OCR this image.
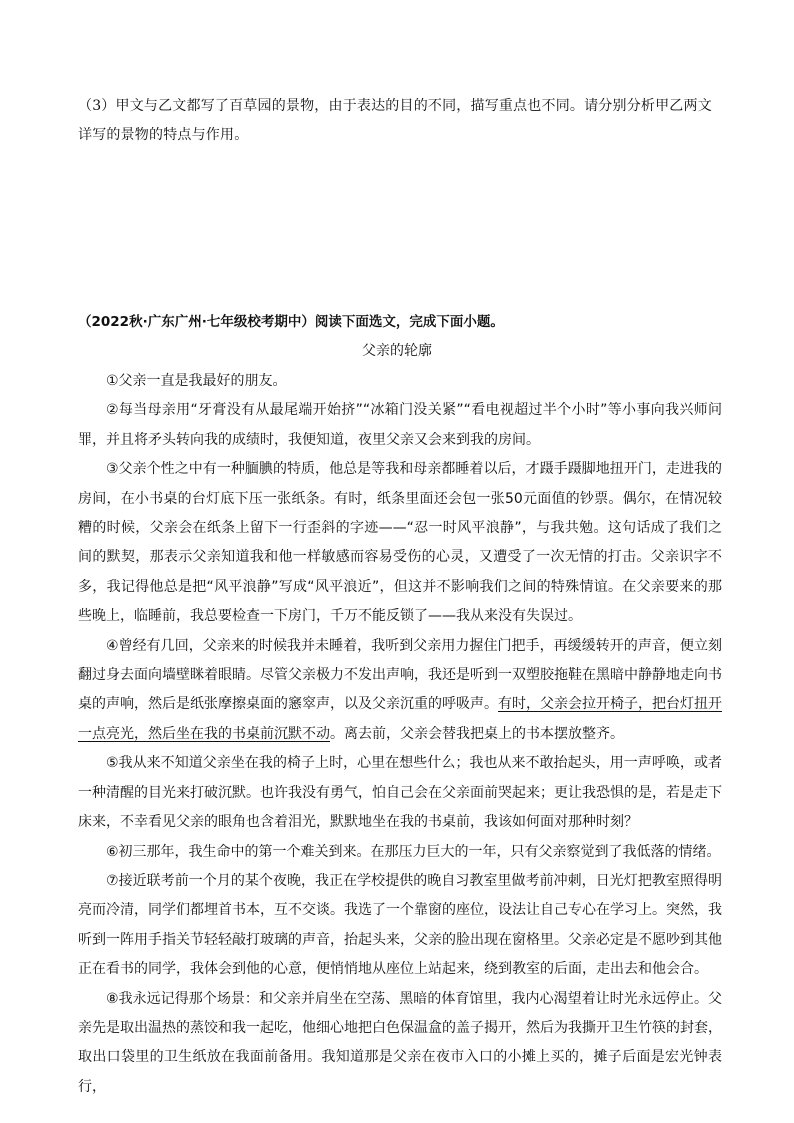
（3）甲文与乙文都写了百草园的景物，由于表达的目的不同，描写重点也不同。请分别分析甲乙两文详写的景物的特点与作用。
（2022秋·广东广州·七年级校考期中）阅读下面选文，完成下面小题。
父亲的轮廓

①父亲一直是我最好的朋友。

②每当母亲用“牙膏没有从最尾端开始挤”“冰箱门没关紧”“看电视超过半个小时”等小事向我兴师问罪，并且将矛头转向我的成绩时，我便知道，夜里父亲又会来到我的房间。

③父亲个性之中有一种腼腆的特质，他总是等我和母亲都睡着以后，才蹑手蹑脚地扭开门，走进我的房间，在小书桌的台灯底下压一张纸条。有时，纸条里面还会包一张50元面值的钞票。偶尔，在情况较糟的时候，父亲会在纸条上留下一行歪斜的字迹——“忍一时风平浪静”，与我共勉。这句话成了我们之间的默契，那表示父亲知道我和他一样敏感而容易受伤的心灵，又遭受了一次无情的打击。父亲识字不多，我记得他总是把“风平浪静”写成“风平浪近”，但这并不影响我们之间的特殊情谊。在父亲要来的那些晚上，临睡前，我总要检查一下房门，千万不能反锁了——我从来没有失误过。

④曾经有几回，父亲来的时候我并未睡着，我听到父亲用力握住门把手，再缓缓转开的声音，便立刻翻过身去面向墙壁眯着眼睛。尽管父亲极力不发出声响，我还是听到一双塑胶拖鞋在黑暗中静静地走向书桌的声响，然后是纸张摩擦桌面的窸窣声，以及父亲沉重的呼吸声。有时，父亲会拉开椅子，把台灯扭开一点亮光，然后坐在我的书桌前沉默不动。离去前，父亲会替我把桌上的书本摆放整齐。

⑤我从来不知道父亲坐在我的椅子上时，心里在想些什么；我也从来不敢抬起头，用一声呼唤，或者一种清醒的目光来打破沉默。也许我没有勇气，怕自己会在父亲面前哭起来；更让我恐惧的是，若是走下床来，不幸看见父亲的眼角也含着泪光，默默地坐在我的书桌前，我该如何面对那种时刻？

⑥初三那年，我生命中的第一个难关到来。在那压力巨大的一年，只有父亲察觉到了我低落的情绪。

⑦接近联考前一个月的某个夜晚，我正在学校提供的晚自习教室里做考前冲刺，日光灯把教室照得明亮而冷清，同学们都埋首书本，互不交谈。我选了一个靠窗的座位，设法让自己专心在学习上。突然，我听到一阵用手指关节轻轻敲打玻璃的声音，抬起头来，父亲的脸出现在窗格里。父亲必定是不愿吵到其他正在看书的同学，我体会到他的心意，便悄悄地从座位上站起来，绕到教室的后面，走出去和他会合。

⑧我永远记得那个场景：和父亲并肩坐在空荡、黑暗的体育馆里，我内心渴望着让时光永远停止。父亲先是取出温热的蒸饺和我一起吃，他细心地把白色保温盒的盖子揭开，然后为我撕开卫生竹筷的封套，取出口袋里的卫生纸放在我面前备用。我知道那是父亲在夜市入口的小摊上买的，摊子后面是宏光钟表行，
